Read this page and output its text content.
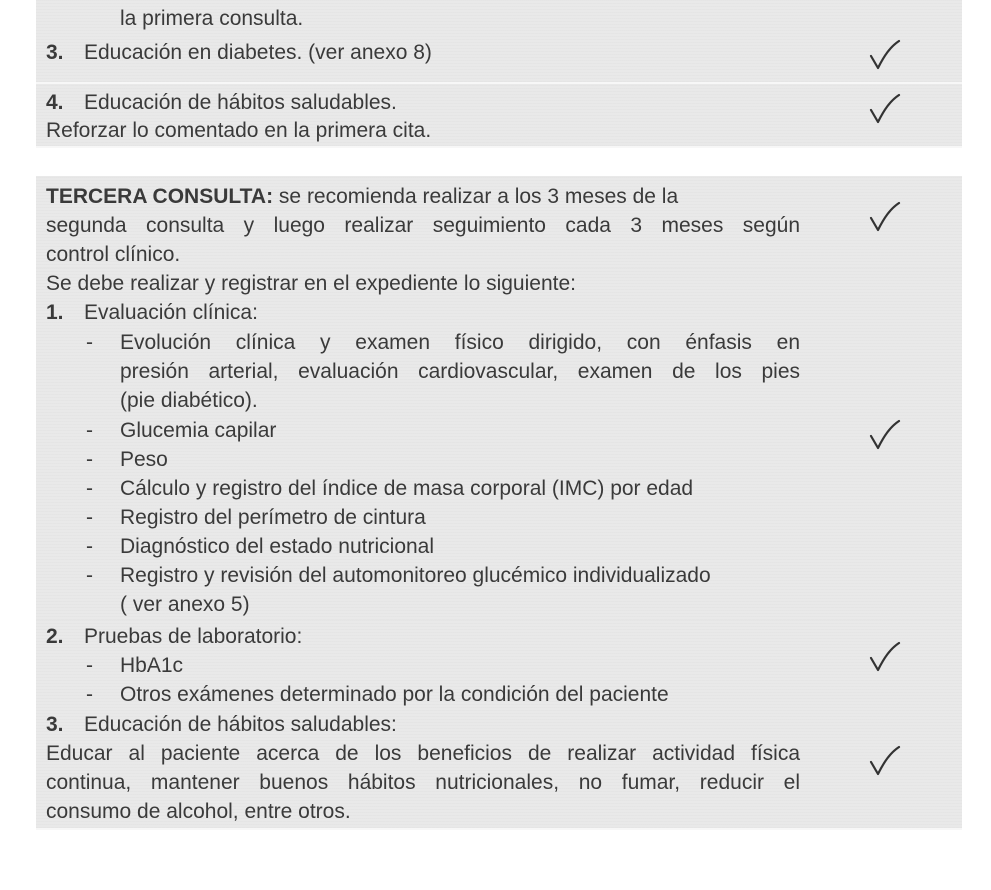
la primera consulta.
3. Educación en diabetes. (ver anexo 8)
4. Educación de hábitos saludables.
Reforzar lo comentado en la primera cita.
TERCERA CONSULTA: se recomienda realizar a los 3 meses de la
segunda consulta y luego realizar seguimiento cada 3 meses según
control clínico.
Se debe realizar y registrar en el expediente lo siguiente:
1. Evaluación clínica:
- Evolución clínica y examen físico dirigido, con énfasis en
presión arterial, evaluación cardiovascular, examen de los pies
(pie diabético).
- Glucemia capilar
- Peso
- Cálculo y registro del índice de masa corporal (IMC) por edad
- Registro del perímetro de cintura
- Diagnóstico del estado nutricional
- Registro y revisión del automonitoreo glucémico individualizado
( ver anexo 5)
2. Pruebas de laboratorio:
- HbA1c
- Otros exámenes determinado por la condición del paciente
3. Educación de hábitos saludables:
Educar al paciente acerca de los beneficios de realizar actividad física
continua, mantener buenos hábitos nutricionales, no fumar, reducir el
consumo de alcohol, entre otros.
